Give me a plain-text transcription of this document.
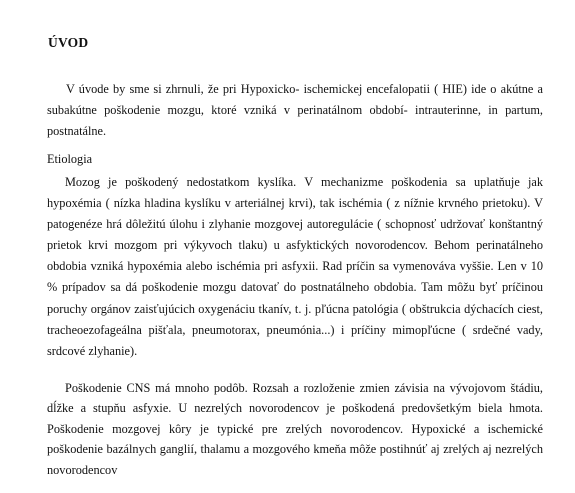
ÚVOD

V úvode by sme si zhrnuli, že pri Hypoxicko- ischemickej encefalopatii ( HIE) ide o akútne a subakútne poškodenie mozgu, ktoré vzniká v perinatálnom období- intrauterinne, in partum, postnatálne.

Etiologia

Mozog je poškodený nedostatkom kyslíka. V mechanizme poškodenia sa uplatňuje jak hypoxémia ( nízka hladina kyslíku v arteriálnej krvi), tak ischémia ( z nížnie krvného prietoku). V patogenéze hrá dôležitú úlohu i zlyhanie mozgovej autoregulácie ( schopnosť udržovať konštantný prietok krvi mozgom pri výkyvoch tlaku) u asfyktických novorodencov. Behom perinatálneho obdobia vzniká hypoxémia alebo ischémia pri asfyxii. Rad príčin sa vymenováva vyššie. Len v 10 % prípadov sa dá poškodenie mozgu datovať do postnatálneho obdobia. Tam môžu byť príčinou poruchy orgánov zaisťujúcich oxygenáciu tkanív, t. j. pľúcna patológia ( obštrukcia dýchacích ciest, tracheoezofageálna pišťala, pneumotorax, pneumónia...) i príčiny mimopľúcne ( srdečné vady, srdcové zlyhanie).

Poškodenie CNS má mnoho podôb. Rozsah a rozloženie zmien závisia na vývojovom štádiu, dĺžke a stupňu asfyxie. U nezrelých novorodencov je poškodená predovšetkým biela hmota. Poškodenie mozgovej kôry je typické pre zrelých novorodencov. Hypoxické a ischemické poškodenie bazálnych ganglií, thalamu a mozgového kmeňa môže postihnúť aj zrelých aj nezrelých novorodencov
